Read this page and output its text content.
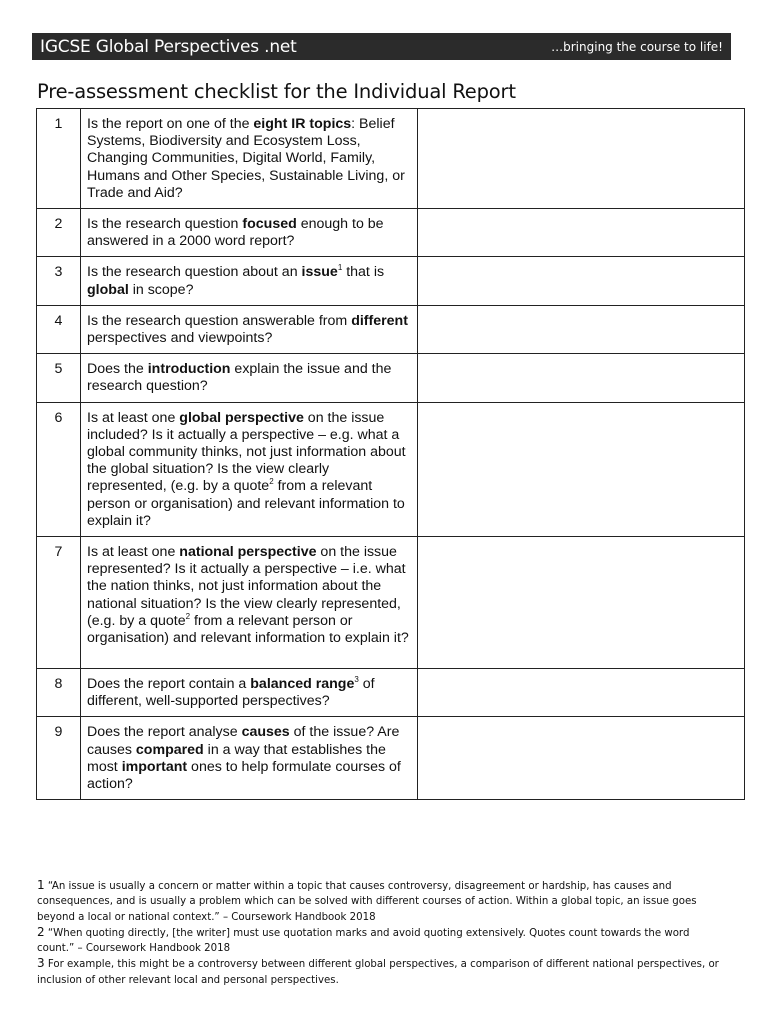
IGCSE Global Perspectives .net	…bringing the course to life!
Pre-assessment checklist for the Individual Report
1	Is the report on one of the eight IR topics: Belief Systems, Biodiversity and Ecosystem Loss, Changing Communities, Digital World, Family, Humans and Other Species, Sustainable Living, or Trade and Aid?	
2	Is the research question focused enough to be answered in a 2000 word report?	
3	Is the research question about an issue$^1$ that is global in scope?	
4	Is the research question answerable from different perspectives and viewpoints?	
5	Does the introduction explain the issue and the research question?	
6	Is at least one global perspective on the issue included? Is it actually a perspective – e.g. what a global community thinks, not just information about the global situation? Is the view clearly represented, (e.g. by a quote$^2$ from a relevant person or organisation) and relevant information to explain it?	
7	Is at least one national perspective on the issue represented? Is it actually a perspective – i.e. what the nation thinks, not just information about the national situation? Is the view clearly represented, (e.g. by a quote$^2$ from a relevant person or organisation) and relevant information to explain it?	
8	Does the report contain a balanced range$^3$ of different, well-supported perspectives?	
9	Does the report analyse causes of the issue? Are causes compared in a way that establishes the most important ones to help formulate courses of action?	

1 “An issue is usually a concern or matter within a topic that causes controversy, disagreement or hardship, has causes and consequences, and is usually a problem which can be solved with different courses of action. Within a global topic, an issue goes beyond a local or national context.” – Coursework Handbook 2018

2 “When quoting directly, [the writer] must use quotation marks and avoid quoting extensively. Quotes count towards the word count.” – Coursework Handbook 2018

3 For example, this might be a controversy between different global perspectives, a comparison of different national perspectives, or inclusion of other relevant local and personal perspectives.
